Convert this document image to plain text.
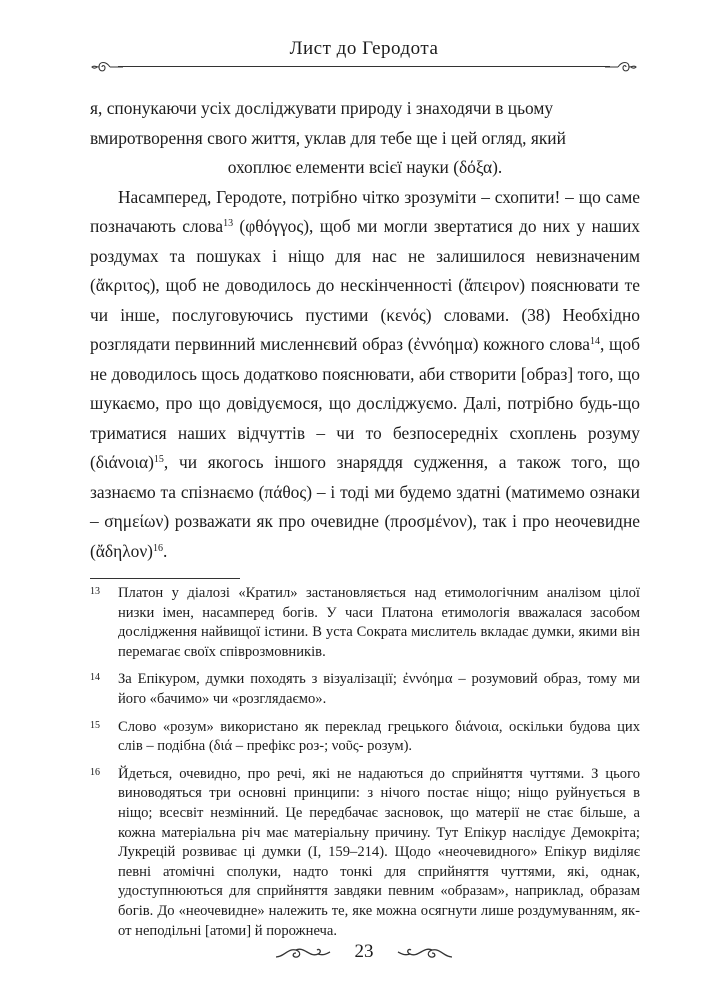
Лист до Геродота

я, спонукаючи усіх досліджувати природу і знаходячи в цьому

вмиротворення свого життя, уклав для тебе ще і цей огляд, який

охоплює елементи всієї науки (δόξα).

Насамперед, Геродоте, потрібно чітко зрозуміти – схопити! – що саме позначають слова$^{13}$ (φθόγγος), щоб ми могли звертатися до них у наших роздумах та пошуках і ніщо для нас не залишилося невизначеним (ἄκριτος), щоб не доводилось до нескінченності (ἄπειρον) пояснювати те чи інше, послуговуючись пустими (κενός) словами. (38) Необхідно розглядати первинний мисленнєвий образ (ἐννόημα) кожного слова$^{14}$, щоб не доводилось щось додатково пояснювати, аби створити [образ] того, що шукаємо, про що довідуємося, що досліджуємо. Далі, потрібно будь-що триматися наших відчуттів – чи то безпосередніх схоплень розуму $(\delta\iota ά\nu o\iota\alpha)^{15}$, чи якогось іншого знаряддя судження, а також того, що зазнаємо та спізнаємо (πάθος) – і тоді ми будемо здатні (матимемо ознаки – σημείων) розважати як про очевидне (προσμένον), так і про неочевидне (ἄδηλον)$^{16}$.

13 Платон у діалозі «Кратил» застановляється над етимологічним аналізом цілої низки імен, насамперед богів. У часи Платона етимологія вважалася засобом дослідження найвищої істини. В уста Сократа мислитель вкладає думки, якими він перемагає своїх співрозмовників.
14 За Епікуром, думки походять з візуалізації; ἐννόημα – розумовий образ, тому ми його «бачимо» чи «розглядаємо».
15 Слово «розум» використано як переклад грецького διάνοια, оскільки будова цих слів – подібна (διά – префікс роз-; νοῦς- розум).
16 Йдеться, очевидно, про речі, які не надаються до сприйняття чуттями. З цього виноводяться три основні принципи: з нічого постає ніщо; ніщо руйнується в ніщо; всесвіт незмінний. Це передбачає засновок, що матерії не стає більше, а кожна матеріальна річ має матеріальну причину. Тут Епікур наслідує Демокріта; Лукрецій розвиває ці думки (I, 159–214). Щодо «неочевидного» Епікур виділяє певні атомічні сполуки, надто тонкі для сприйняття чуттями, які, однак, удоступнюються для сприйняття завдяки певним «образам», наприклад, образам богів. До «неочевидне» належить те, яке можна осягнути лише роздумуванням, як-от неподільні [атоми] й порожнеча.
23
